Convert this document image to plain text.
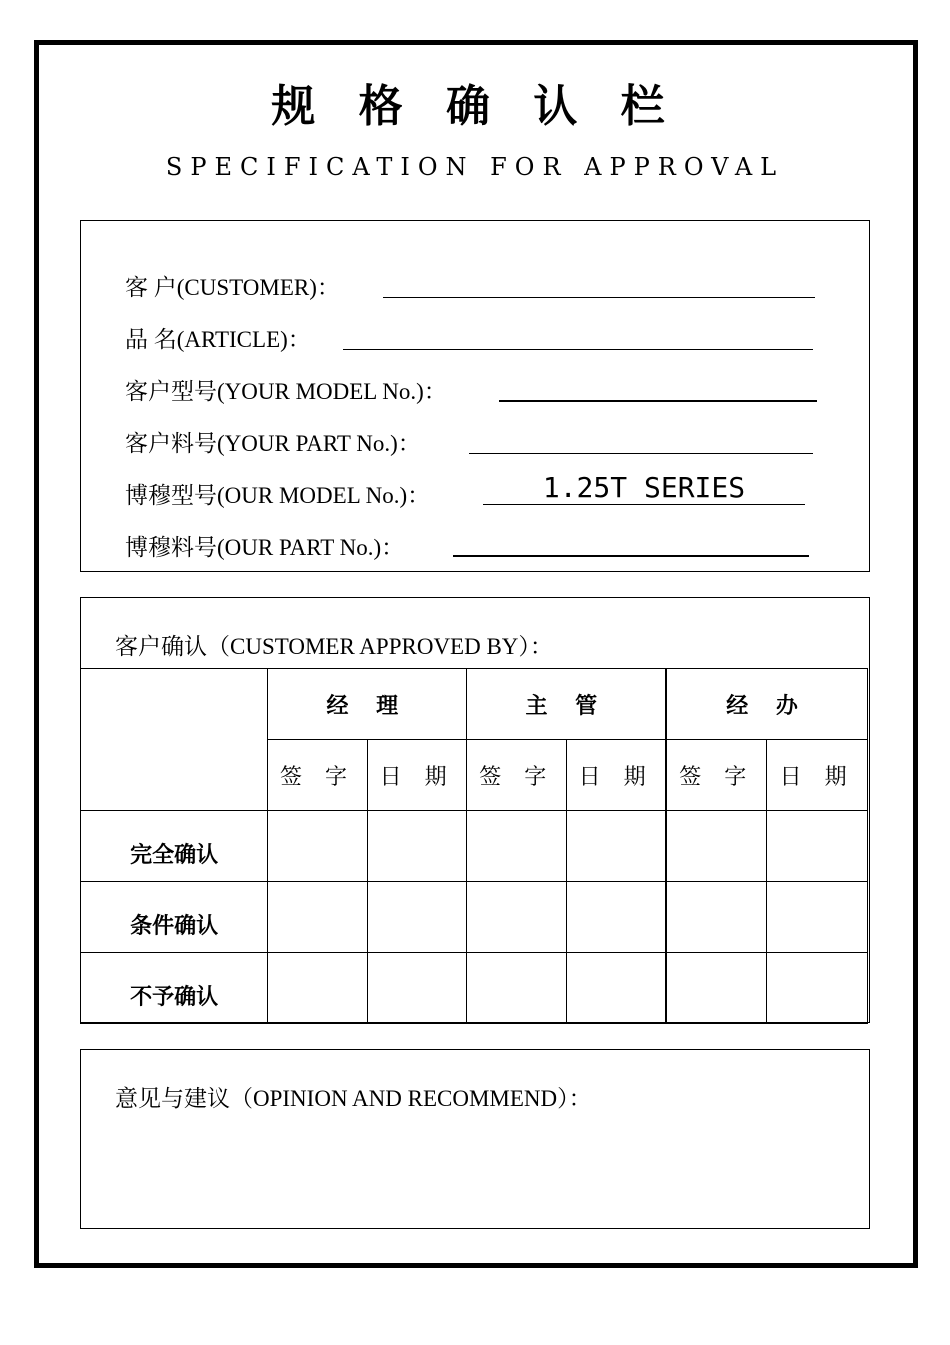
规 格 确 认 栏
SPECIFICATION FOR APPROVAL
客 户(CUSTOMER)：
品 名(ARTICLE)：
客户型号(YOUR MODEL No.)：
客户料号(YOUR PART No.)：
博穆型号(OUR MODEL No.)：	1.25T SERIES
博穆料号(OUR PART No.)：
客户确认（CUSTOMER APPROVED BY）：
	经 理		主 管		经 办	
	签 字	日 期	签 字	日 期	签 字	日 期
完全确认						
条件确认						
不予确认						
意见与建议（OPINION AND RECOMMEND）：
